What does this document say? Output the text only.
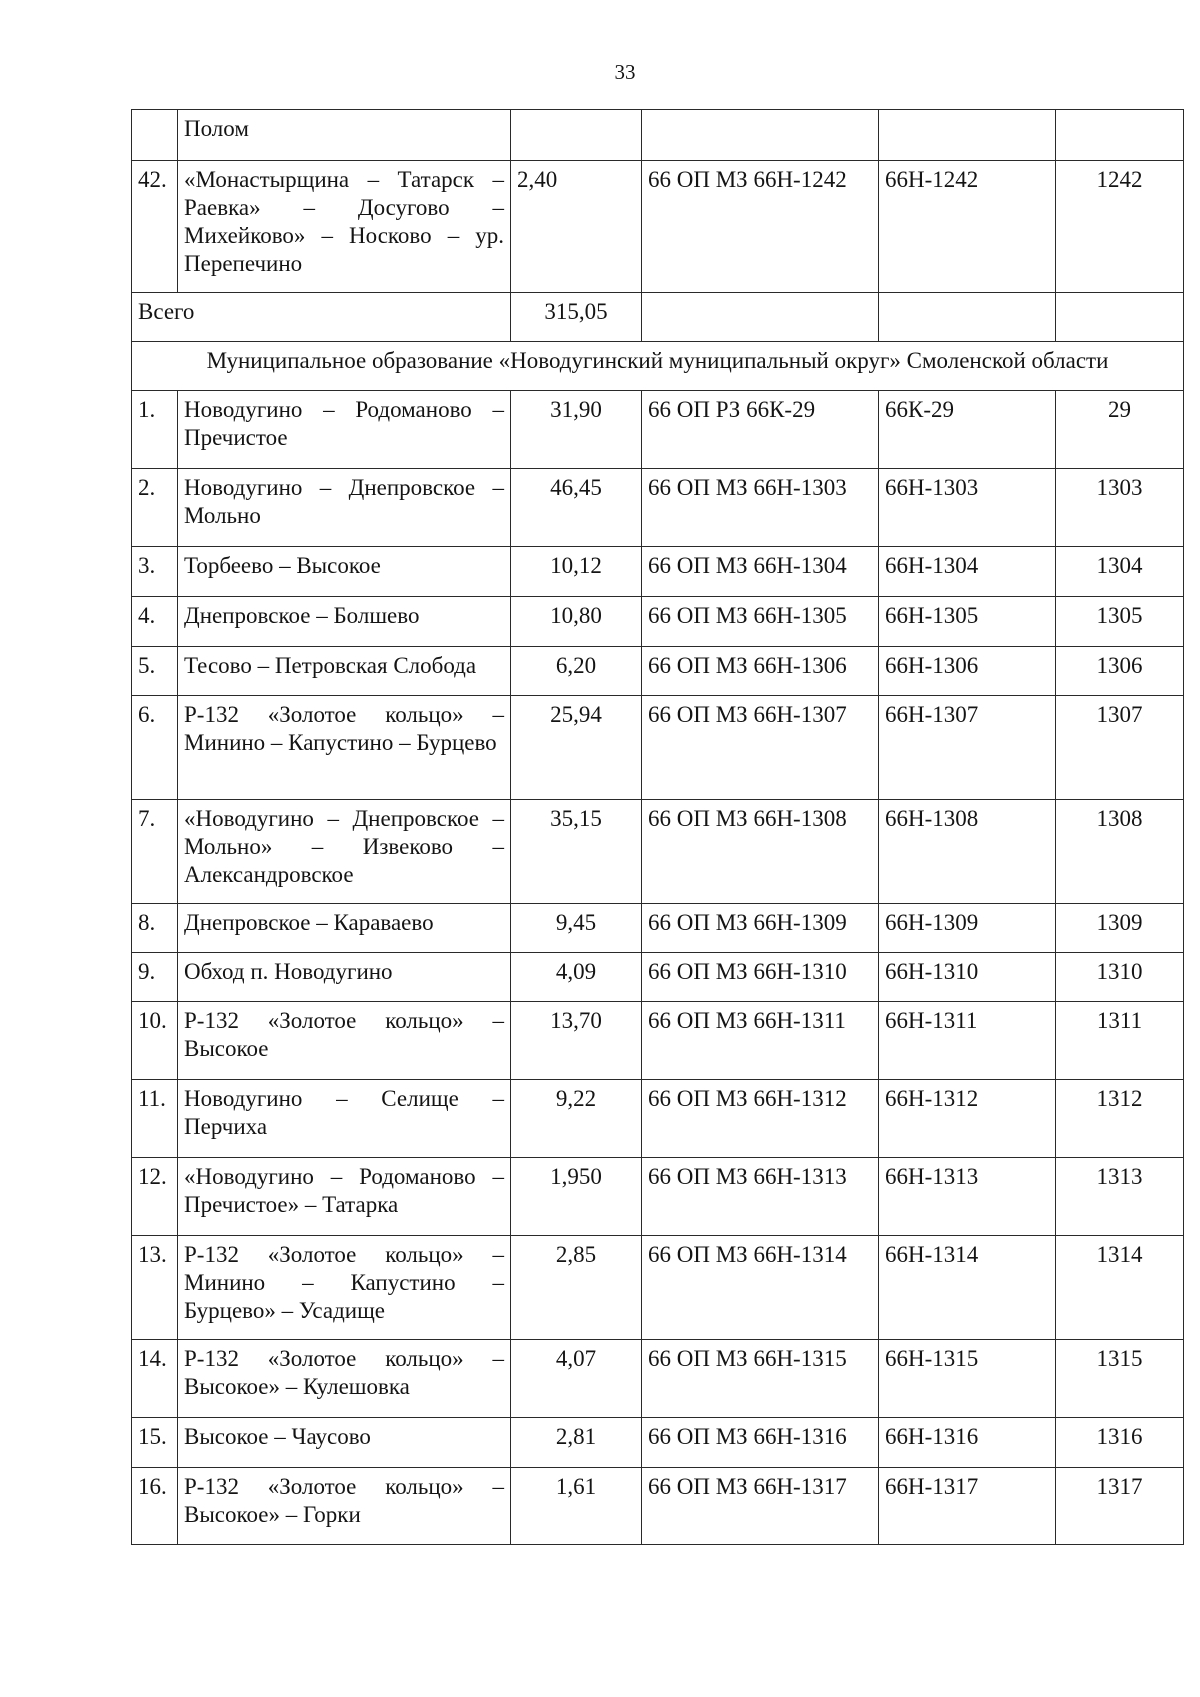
33
	Полом				
42.	«Монастырщина – Татарск – Раевка» – Досугово – Михейково» – Носково – ур. Перепечино	2,40	66 ОП МЗ 66Н-1242	66Н-1242	1242
Всего		315,05			
Муниципальное образование «Новодугинский муниципальный округ» Смоленской области					
1.	Новодугино – Родоманово – Пречистое	31,90	66 ОП РЗ 66К-29	66К-29	29
2.	Новодугино – Днепровское – Мольно	46,45	66 ОП МЗ 66Н-1303	66Н-1303	1303
3.	Торбеево – Высокое	10,12	66 ОП МЗ 66Н-1304	66Н-1304	1304
4.	Днепровское – Болшево	10,80	66 ОП МЗ 66Н-1305	66Н-1305	1305
5.	Тесово – Петровская Слобода	6,20	66 ОП МЗ 66Н-1306	66Н-1306	1306
6.	Р-132 «Золотое кольцо» – Минино – Капустино – Бурцево	25,94	66 ОП МЗ 66Н-1307	66Н-1307	1307
7.	«Новодугино – Днепровское – Мольно» – Извеково – Александровское	35,15	66 ОП МЗ 66Н-1308	66Н-1308	1308
8.	Днепровское – Караваево	9,45	66 ОП МЗ 66Н-1309	66Н-1309	1309
9.	Обход п. Новодугино	4,09	66 ОП МЗ 66Н-1310	66Н-1310	1310
10.	Р-132 «Золотое кольцо» – Высокое	13,70	66 ОП МЗ 66Н-1311	66Н-1311	1311
11.	Новодугино – Селище – Перчиха	9,22	66 ОП МЗ 66Н-1312	66Н-1312	1312
12.	«Новодугино – Родоманово – Пречистое» – Татарка	1,950	66 ОП МЗ 66Н-1313	66Н-1313	1313
13.	Р-132 «Золотое кольцо» – Минино – Капустино – Бурцево» – Усадище	2,85	66 ОП МЗ 66Н-1314	66Н-1314	1314
14.	Р-132 «Золотое кольцо» – Высокое» – Кулешовка	4,07	66 ОП МЗ 66Н-1315	66Н-1315	1315
15.	Высокое – Чаусово	2,81	66 ОП МЗ 66Н-1316	66Н-1316	1316
16.	Р-132 «Золотое кольцо» – Высокое» – Горки	1,61	66 ОП МЗ 66Н-1317	66Н-1317	1317
